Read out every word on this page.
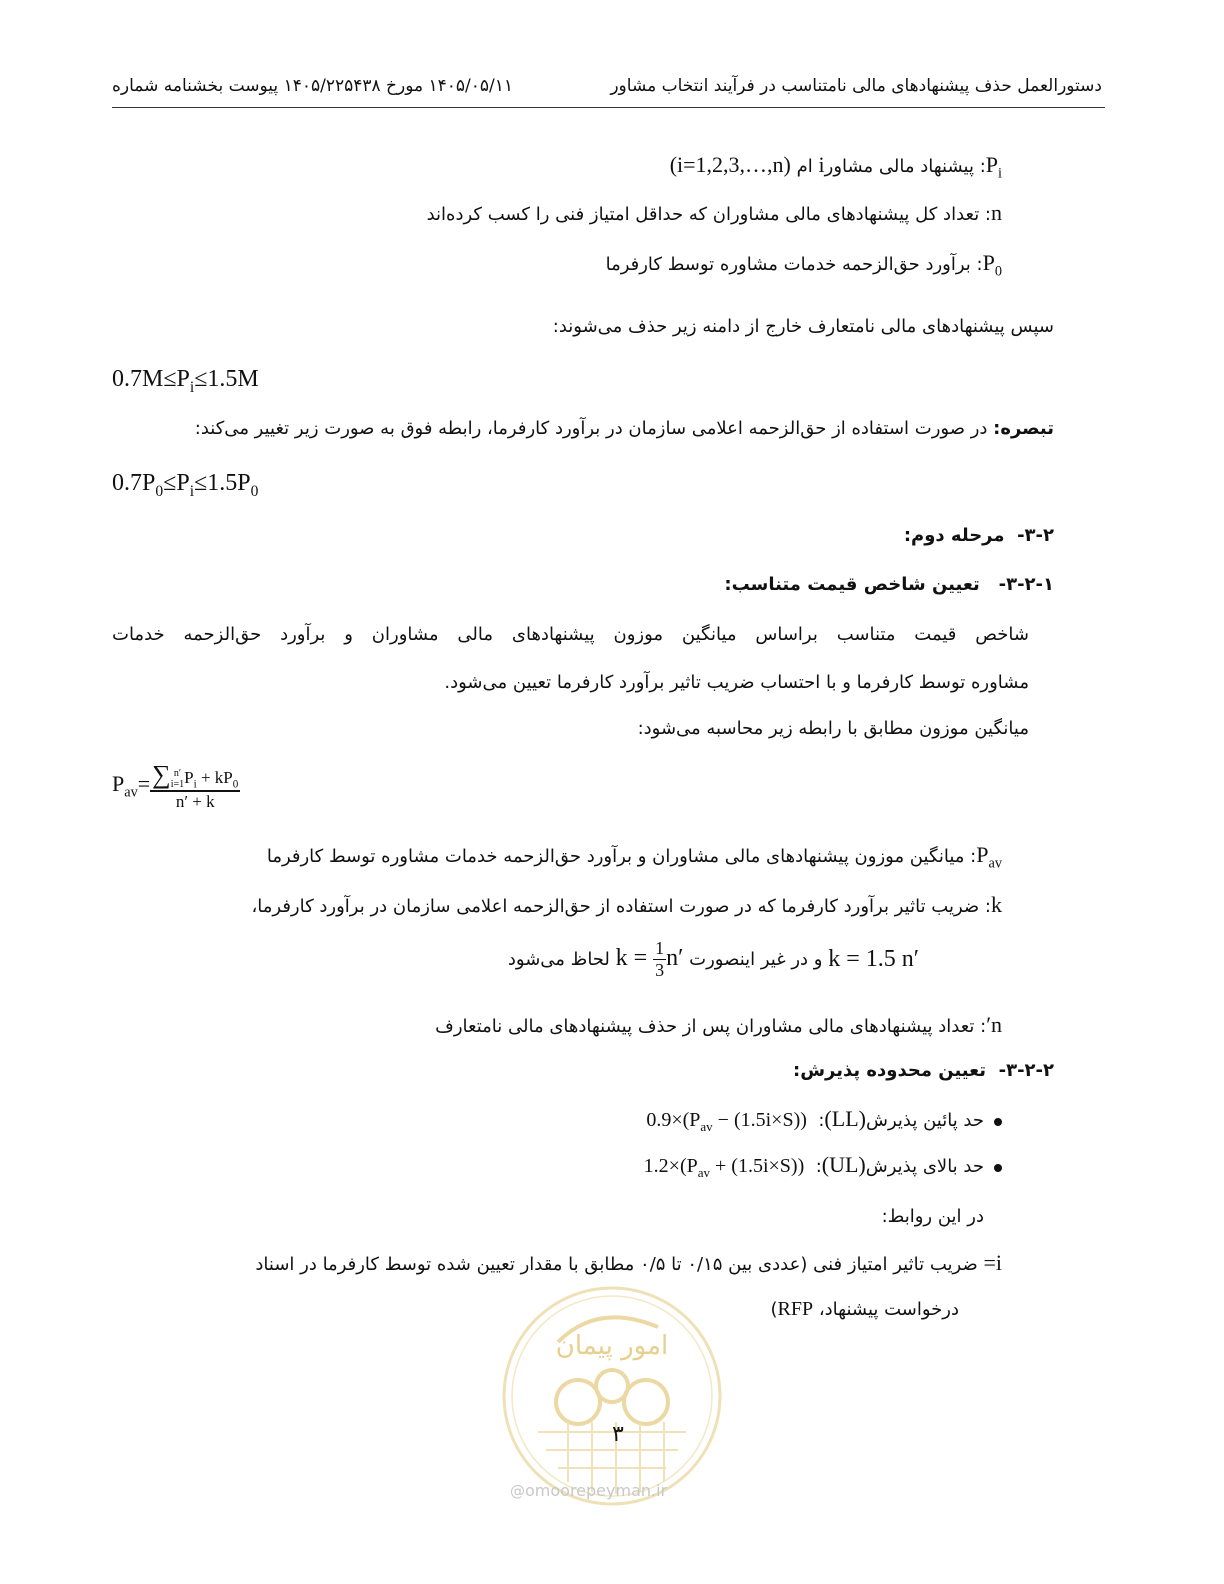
دستورالعمل حذف پیشنهادهای مالی نامتناسب در فرآیند انتخاب مشاور
۱۴۰۵/۰۵/۱۱ مورخ ۱۴۰۵/۲۲۵۴۳۸ پیوست بخشنامه شماره
$P_i$: پیشنهاد مالی مشاورi ام (i=1,2,3,…,n)
n: تعداد کل پیشنهادهای مالی مشاوران که حداقل امتیاز فنی را کسب کرده‌اند
$P_0$: برآورد حق‌الزحمه خدمات مشاوره توسط کارفرما
سپس پیشنهادهای مالی نامتعارف خارج از دامنه زیر حذف می‌شوند:
$0.7M\le P_i\le 1.5M$
تبصره: در صورت استفاده از حق‌الزحمه اعلامی سازمان در برآورد کارفرما، رابطه فوق به صورت زیر تغییر می‌کند:
$0.7P_0\le P_i\le 1.5P_0$
۳-۲-  مرحله دوم:
۳-۲-۱-   تعیین شاخص قیمت متناسب:
شاخص قیمت متناسب براساس میانگین موزون پیشنهادهای مالی مشاوران و برآورد حق‌الزحمه خدمات
مشاوره توسط کارفرما و با احتساب ضریب تاثیر برآورد کارفرما تعیین می‌شود.
میانگین موزون مطابق با رابطه زیر محاسبه می‌شود:
$P_{av}=$ ∑ n′
i=1 $P_i + kP_0$
n′ + k
$P_{av}$: میانگین موزون پیشنهادهای مالی مشاوران و برآورد حق‌الزحمه خدمات مشاوره توسط کارفرما
k: ضریب تاثیر برآورد کارفرما که در صورت استفاده از حق‌الزحمه اعلامی سازمان در برآورد کارفرما،
k = 1.5 n′ و در غیر اینصورت $k = \frac{1}{3} n'$ لحاظ می‌شود
n′: تعداد پیشنهادهای مالی مشاوران پس از حذف پیشنهادهای مالی نامتعارف
۳-۲-۲-  تعیین محدوده پذیرش:
حد پائین پذیرش(LL):  $0.9\times(P_{av} - (1.5i\times S))$
حد بالای پذیرش(UL):  $1.2\times(P_{av} + (1.5i\times S))$
در این روابط:
i= ضریب تاثیر امتیاز فنی (عددی بین ۰/۱۵ تا ۰/۵ مطابق با مقدار تعیین شده توسط کارفرما در اسناد
درخواست پیشنهاد، RFP)
امور پیمان
۳
@omoorepeyman.ir
